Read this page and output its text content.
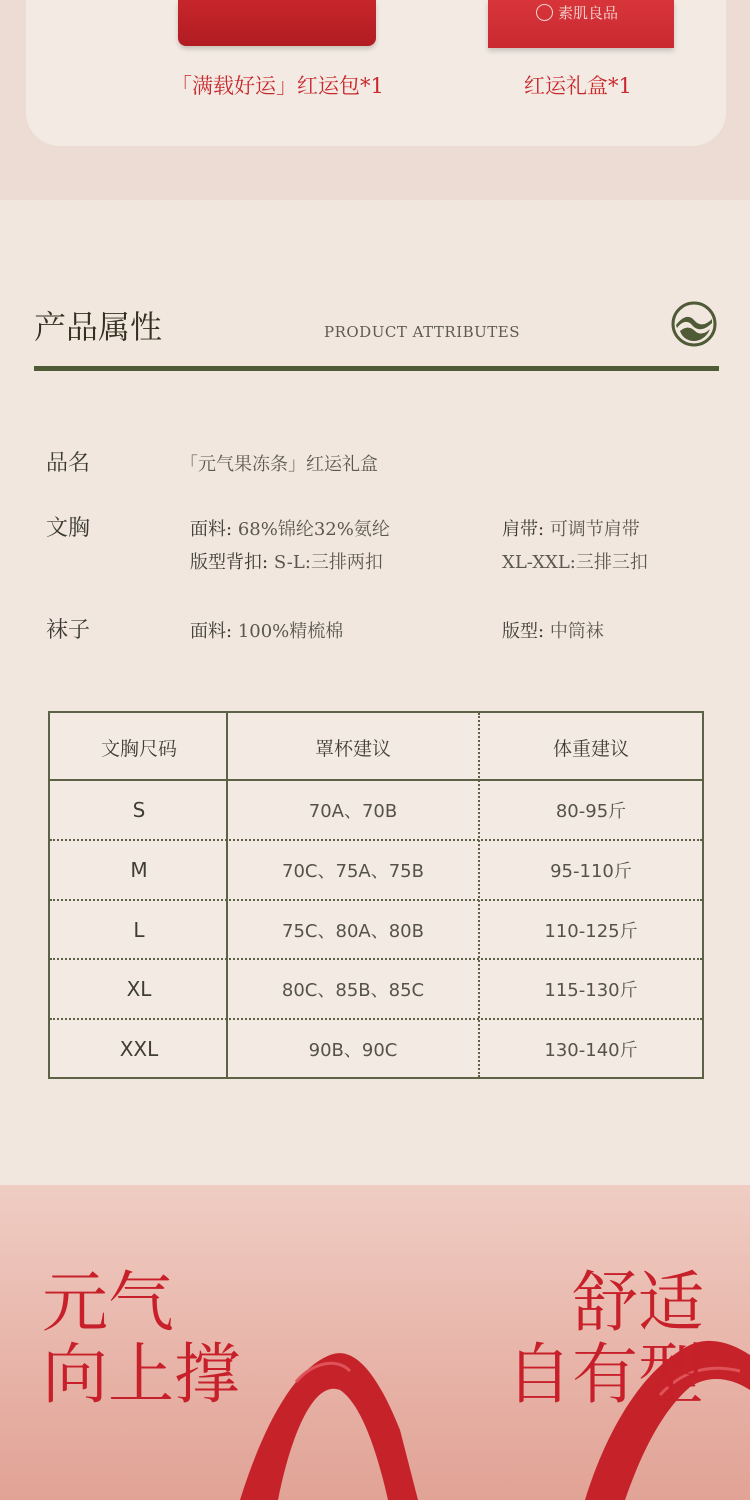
素肌良品
「满载好运」红运包*1	红运礼盒*1
产品属性	PRODUCT ATTRIBUTES
品名	「元气果冻条」红运礼盒
文胸	面料: 68%锦纶32%氨纶	肩带: 可调节肩带
版型背扣: S-L:三排两扣	XL-XXL:三排三扣
袜子	面料: 100%精梳棉	版型: 中筒袜
文胸尺码	罩杯建议	体重建议
S	70A、70B	80-95斤
M	70C、75A、75B	95-110斤
L	75C、80A、80B	110-125斤
XL	80C、85B、85C	115-130斤
XXL	90B、90C	130-140斤
元气
向上撑
舒适
自有型
